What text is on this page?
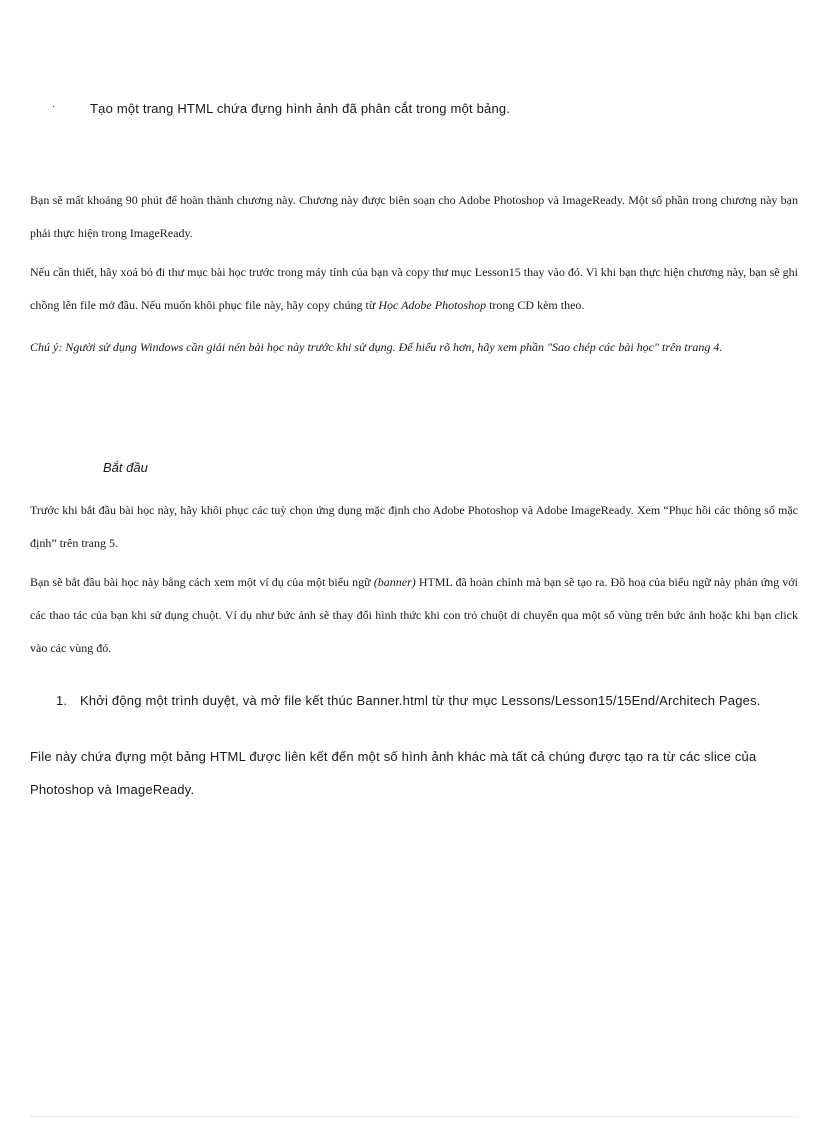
·	Tạo một trang HTML chứa đựng hình ảnh đã phân cắt trong một bảng.

Bạn sẽ mất khoảng 90 phút để hoàn thành chương này. Chương này được biên soạn cho Adobe Photoshop và ImageReady. Một số phần trong chương này bạn phải thực hiện trong ImageReady.

Nếu cần thiết, hãy xoá bỏ đi thư mục bài học trước trong máy tính của bạn và copy thư mục Lesson15 thay vào đó. Vì khi bạn thực hiện chương này, bạn sẽ ghi chồng lên file mở đầu. Nếu muốn khôi phục file này, hãy copy chúng từ Học Adobe Photoshop trong CD kèm theo.

Chú ý: Người sử dụng Windows cần giải nén bài học này trước khi sử dụng. Để hiểu rõ hơn, hãy xem phần "Sao chép các bài học" trên trang 4.

Bắt đầu

Trước khi bắt đầu bài học này, hãy khôi phục các tuỳ chọn ứng dụng mặc định cho Adobe Photoshop và Adobe ImageReady. Xem “Phục hồi các thông số mặc định” trên trang 5.

Bạn sẽ bắt đầu bài học này bằng cách xem một ví dụ của một biểu ngữ (banner) HTML đã hoàn chỉnh mà bạn sẽ tạo ra. Đồ hoạ của biểu ngữ này phản ứng với các thao tác của bạn khi sử dụng chuột. Ví dụ như bức ảnh sẽ thay đổi hình thức khi con trỏ chuột di chuyển qua một số vùng trên bức ảnh hoặc khi bạn click vào các vùng đó.

1. Khởi động một trình duyệt, và mở file kết thúc Banner.html từ thư mục Lessons/Lesson15/15End/Architech Pages.

File này chứa đựng một bảng HTML được liên kết đến một số hình ảnh khác mà tất cả chúng được tạo ra từ các slice của Photoshop và ImageReady.
